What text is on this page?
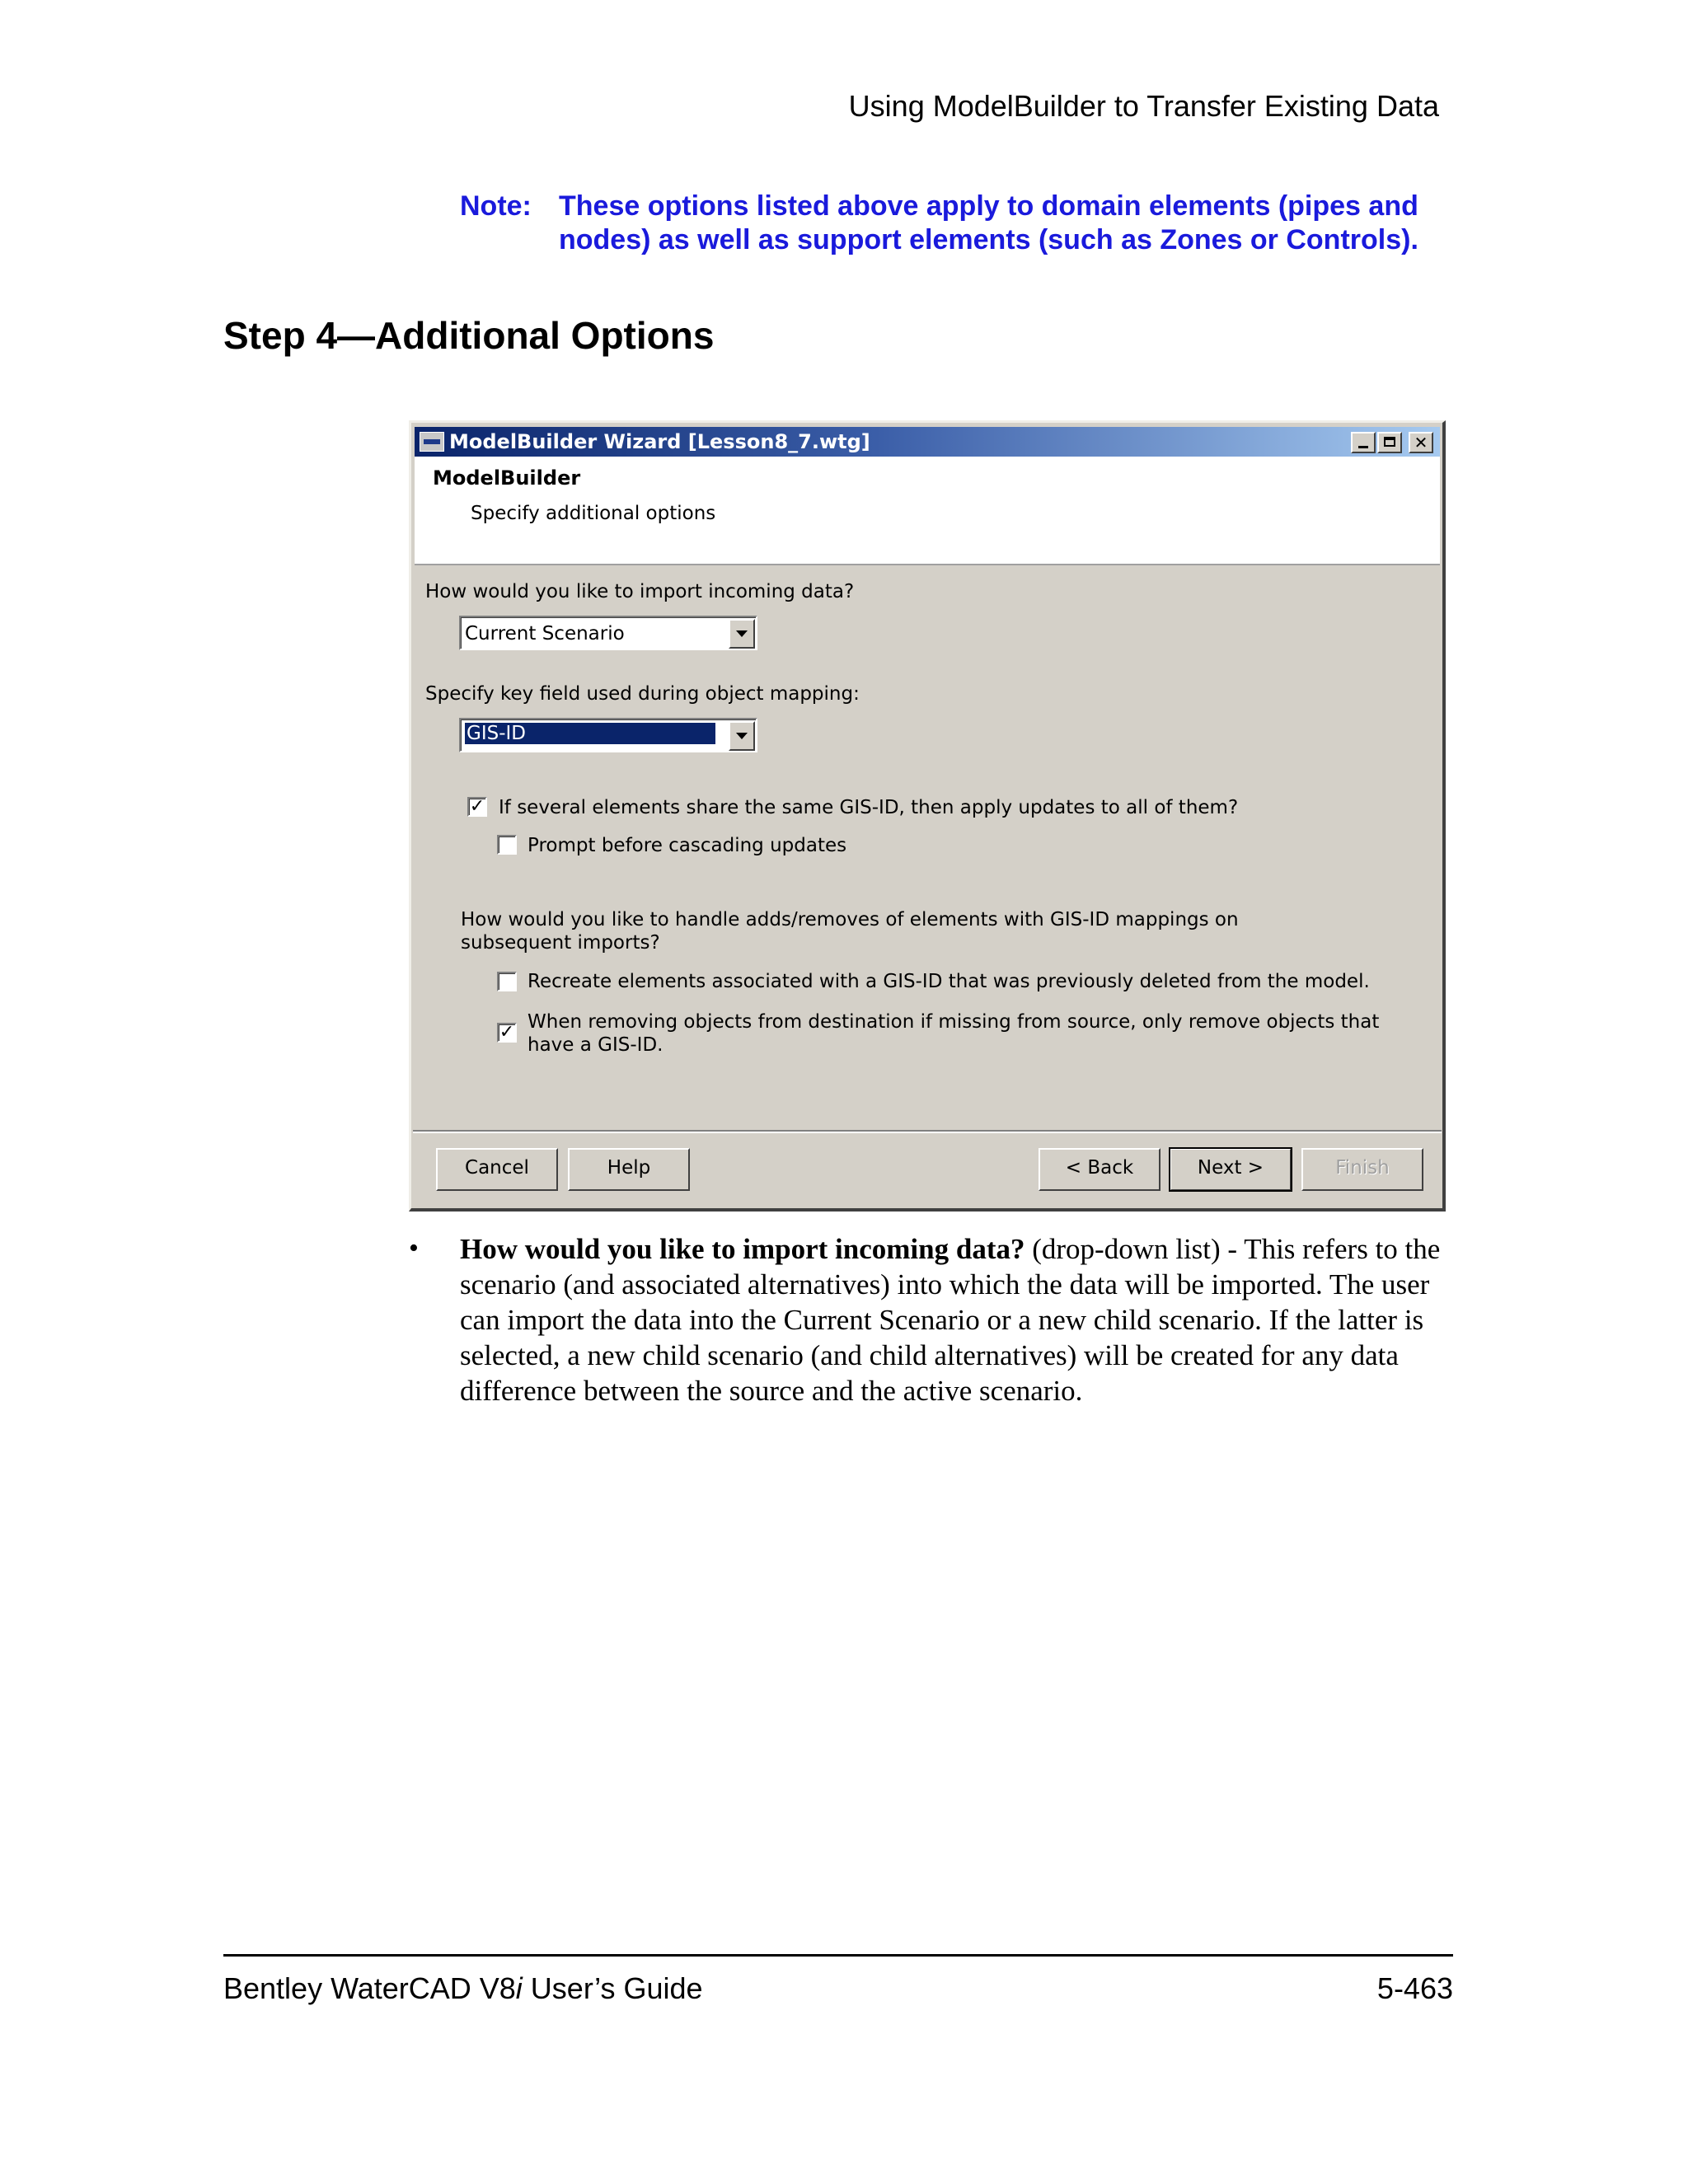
Using ModelBuilder to Transfer Existing Data
Note: These options listed above apply to domain elements (pipes and nodes) as well as support elements (such as Zones or Controls).
Step 4—Additional Options
ModelBuilder Wizard [Lesson8_7.wtg]	✕
ModelBuilder
Specify additional options
How would you like to import incoming data?
Current Scenario
Specify key field used during object mapping:
GIS-ID
✓ If several elements share the same GIS-ID, then apply updates to all of them?
Prompt before cascading updates
How would you like to handle adds/removes of elements with GIS-ID mappings on
subsequent imports?
Recreate elements associated with a GIS-ID that was previously deleted from the model.
✓ When removing objects from destination if missing from source, only remove objects that
have a GIS-ID.
Cancel	Help	< Back	Next >	Finish
• How would you like to import incoming data? (drop-down list) - This refers to the scenario (and associated alternatives) into which the data will be imported. The user can import the data into the Current Scenario or a new child scenario. If the latter is selected, a new child scenario (and child alternatives) will be created for any data difference between the source and the active scenario.
Bentley WaterCAD V8i User’s Guide	5-463
